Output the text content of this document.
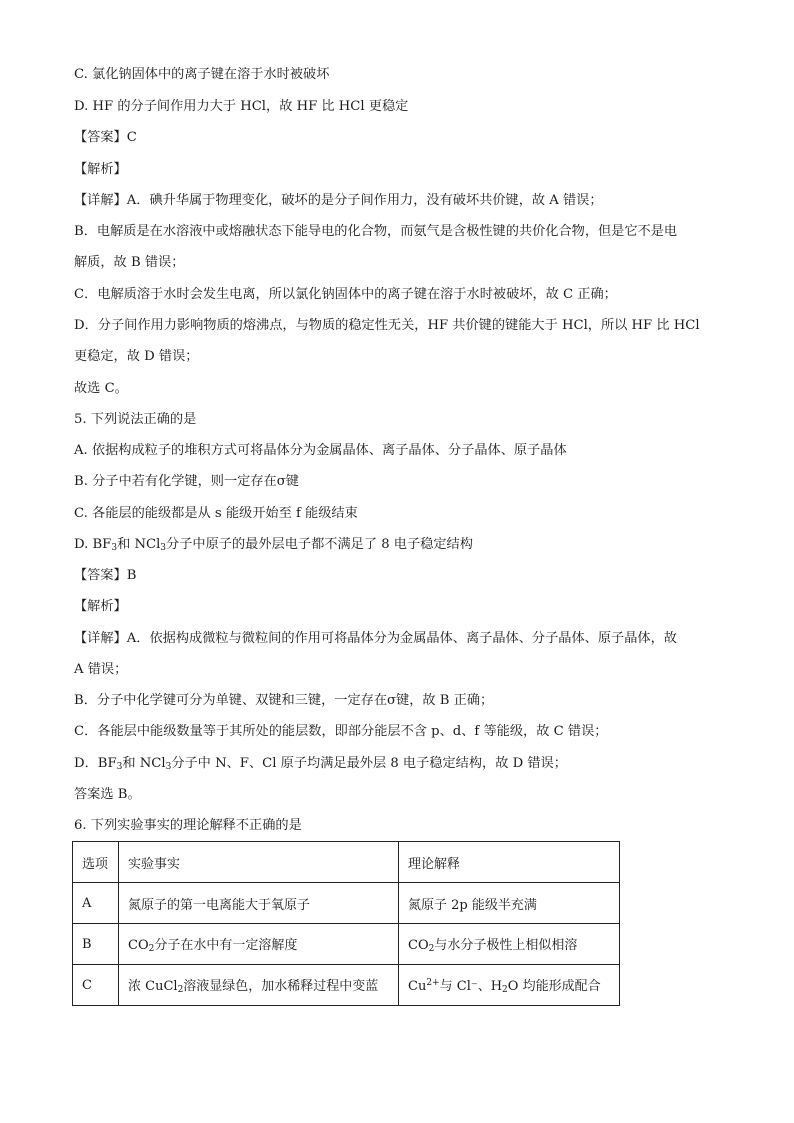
C. 氯化钠固体中的离子键在溶于水时被破坏
D. HF 的分子间作用力大于 HCl，故 HF 比 HCl 更稳定
【答案】C
【解析】
【详解】A．碘升华属于物理变化，破坏的是分子间作用力，没有破坏共价键，故 A 错误；
B．电解质是在水溶液中或熔融状态下能导电的化合物，而氨气是含极性键的共价化合物，但是它不是电
解质，故 B 错误；
C．电解质溶于水时会发生电离，所以氯化钠固体中的离子键在溶于水时被破坏，故 C 正确；
D．分子间作用力影响物质的熔沸点，与物质的稳定性无关，HF 共价键的键能大于 HCl，所以 HF 比 HCl
更稳定，故 D 错误；
故选 C。
5. 下列说法正确的是
A. 依据构成粒子的堆积方式可将晶体分为金属晶体、离子晶体、分子晶体、原子晶体
B. 分子中若有化学键，则一定存在σ键
C. 各能层的能级都是从 s 能级开始至 f 能级结束
D. $BF_3$和 NCl$_3$分子中原子的最外层电子都不满足了 8 电子稳定结构
【答案】B
【解析】
【详解】A．依据构成微粒与微粒间的作用可将晶体分为金属晶体、离子晶体、分子晶体、原子晶体，故
A 错误；
B．分子中化学键可分为单键、双键和三键，一定存在σ键，故 B 正确；
C．各能层中能级数量等于其所处的能层数，即部分能层不含 p、d、f 等能级，故 C 错误；
D．$BF_3$和 NCl$_3$分子中 N、F、Cl 原子均满足最外层 8 电子稳定结构，故 D 错误；
答案选 B。
6. 下列实验事实的理论解释不正确的是
选项	实验事实	理论解释
A	氮原子的第一电离能大于氧原子	氮原子 2p 能级半充满
B	$CO_2$分子在水中有一定溶解度	$CO_2$与水分子极性上相似相溶
C	浓 CuCl$_2$溶液显绿色，加水稀释过程中变蓝	$Cu^{2+}$与 Cl⁻、$H_2O$ 均能形成配合
